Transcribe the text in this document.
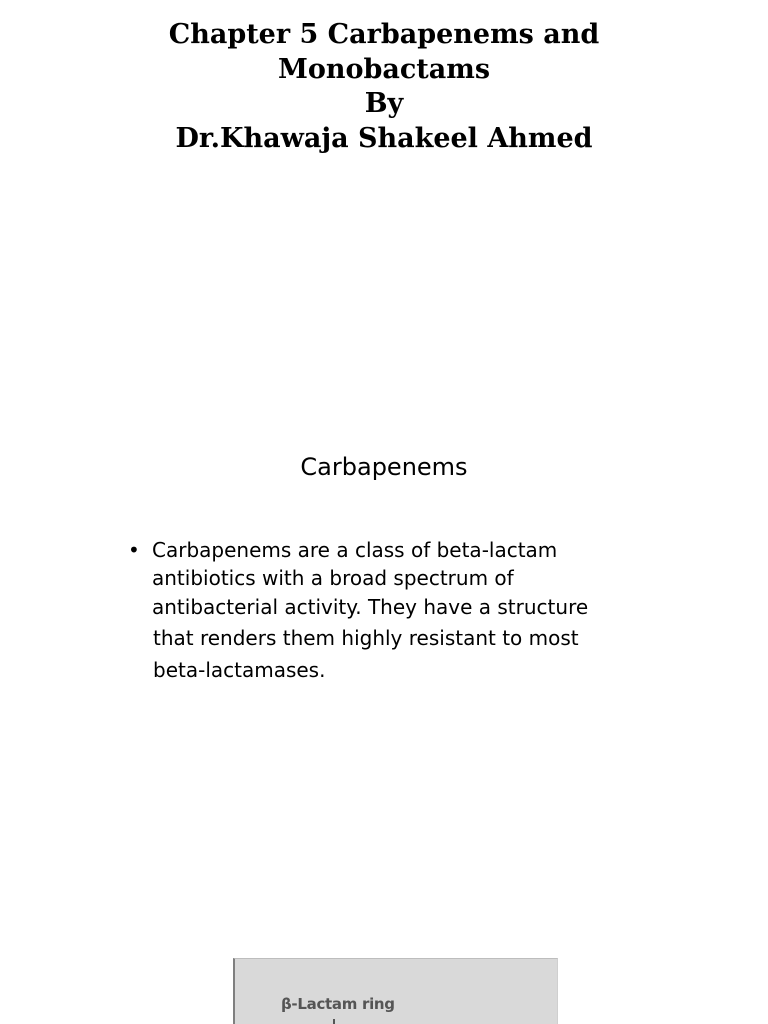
Chapter 5 Carbapenems and
Monobactams
By
Dr.Khawaja Shakeel Ahmed
Carbapenems
• Carbapenems are a class of beta-lactam
antibiotics with a broad spectrum of
antibacterial activity. They have a structure
that renders them highly resistant to most
beta-lactamases.
β-Lactam ring
